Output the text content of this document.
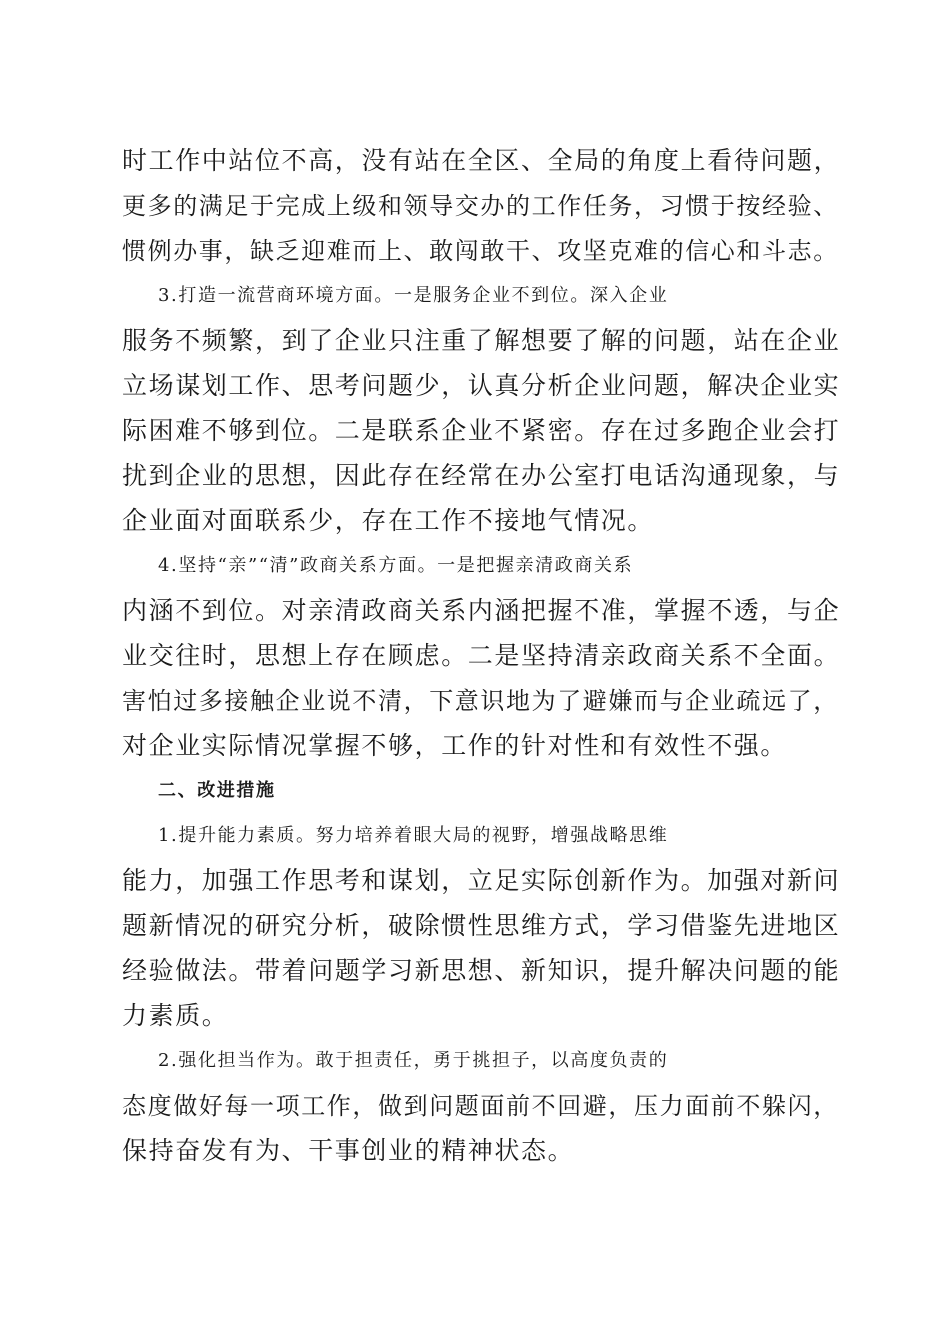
时工作中站位不高，没有站在全区、全局的角度上看待问题，
更多的满足于完成上级和领导交办的工作任务，习惯于按经验、
惯例办事，缺乏迎难而上、敢闯敢干、攻坚克难的信心和斗志。
3.打造一流营商环境方面。一是服务企业不到位。深入企业
服务不频繁，到了企业只注重了解想要了解的问题，站在企业
立场谋划工作、思考问题少，认真分析企业问题，解决企业实
际困难不够到位。二是联系企业不紧密。存在过多跑企业会打
扰到企业的思想，因此存在经常在办公室打电话沟通现象，与
企业面对面联系少，存在工作不接地气情况。
4.坚持“亲”“清”政商关系方面。一是把握亲清政商关系
内涵不到位。对亲清政商关系内涵把握不准，掌握不透，与企
业交往时，思想上存在顾虑。二是坚持清亲政商关系不全面。
害怕过多接触企业说不清，下意识地为了避嫌而与企业疏远了，
对企业实际情况掌握不够，工作的针对性和有效性不强。
二、改进措施
1.提升能力素质。努力培养着眼大局的视野，增强战略思维
能力，加强工作思考和谋划，立足实际创新作为。加强对新问
题新情况的研究分析，破除惯性思维方式，学习借鉴先进地区
经验做法。带着问题学习新思想、新知识，提升解决问题的能
力素质。
2.强化担当作为。敢于担责任，勇于挑担子，以高度负责的
态度做好每一项工作，做到问题面前不回避，压力面前不躲闪，
保持奋发有为、干事创业的精神状态。
